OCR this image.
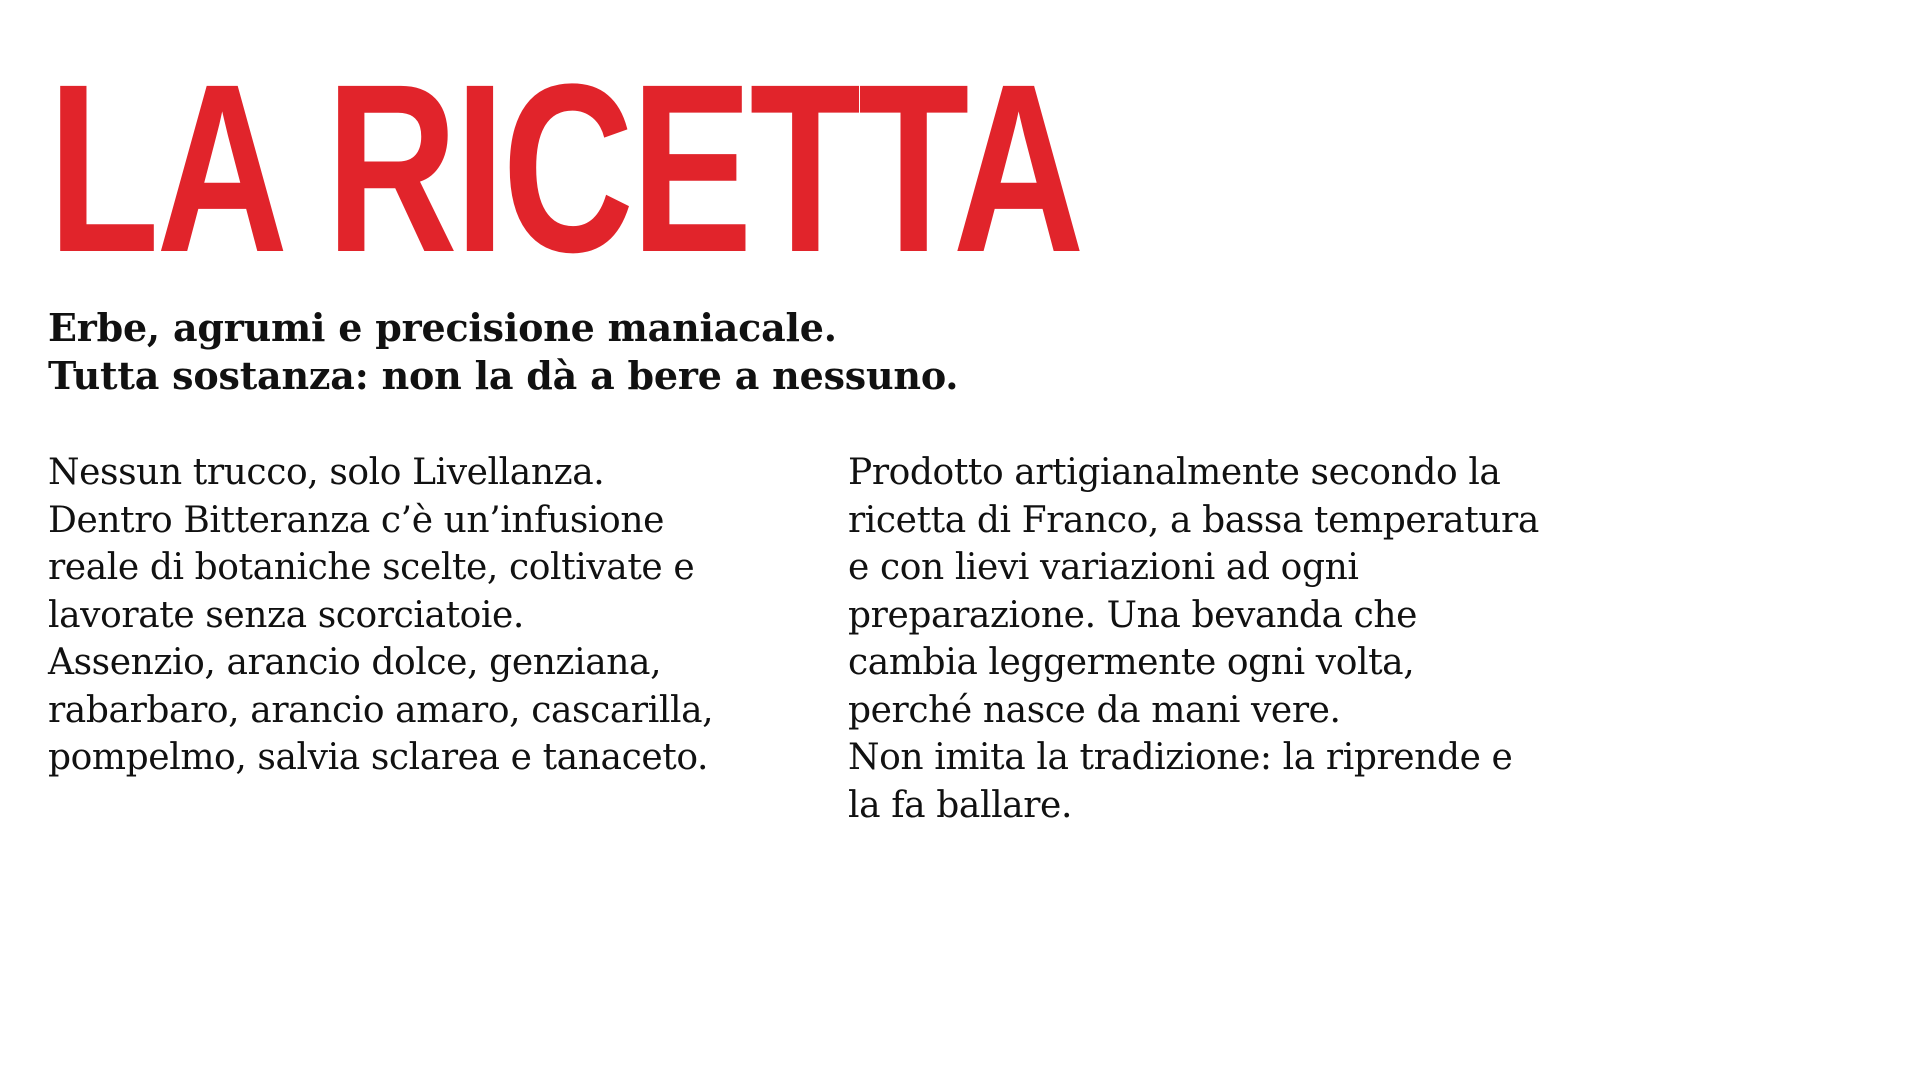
LA RICETTA
Erbe, agrumi e precisione maniacale.
Tutta sostanza: non la dà a bere a nessuno.
Nessun trucco, solo Livellanza.
Dentro Bitteranza c’è un’infusione
reale di botaniche scelte, coltivate e
lavorate senza scorciatoie.
Assenzio, arancio dolce, genziana,
rabarbaro, arancio amaro, cascarilla,
pompelmo, salvia sclarea e tanaceto.
Prodotto artigianalmente secondo la
ricetta di Franco, a bassa temperatura
e con lievi variazioni ad ogni
preparazione. Una bevanda che
cambia leggermente ogni volta,
perché nasce da mani vere.
Non imita la tradizione: la riprende e
la fa ballare.
